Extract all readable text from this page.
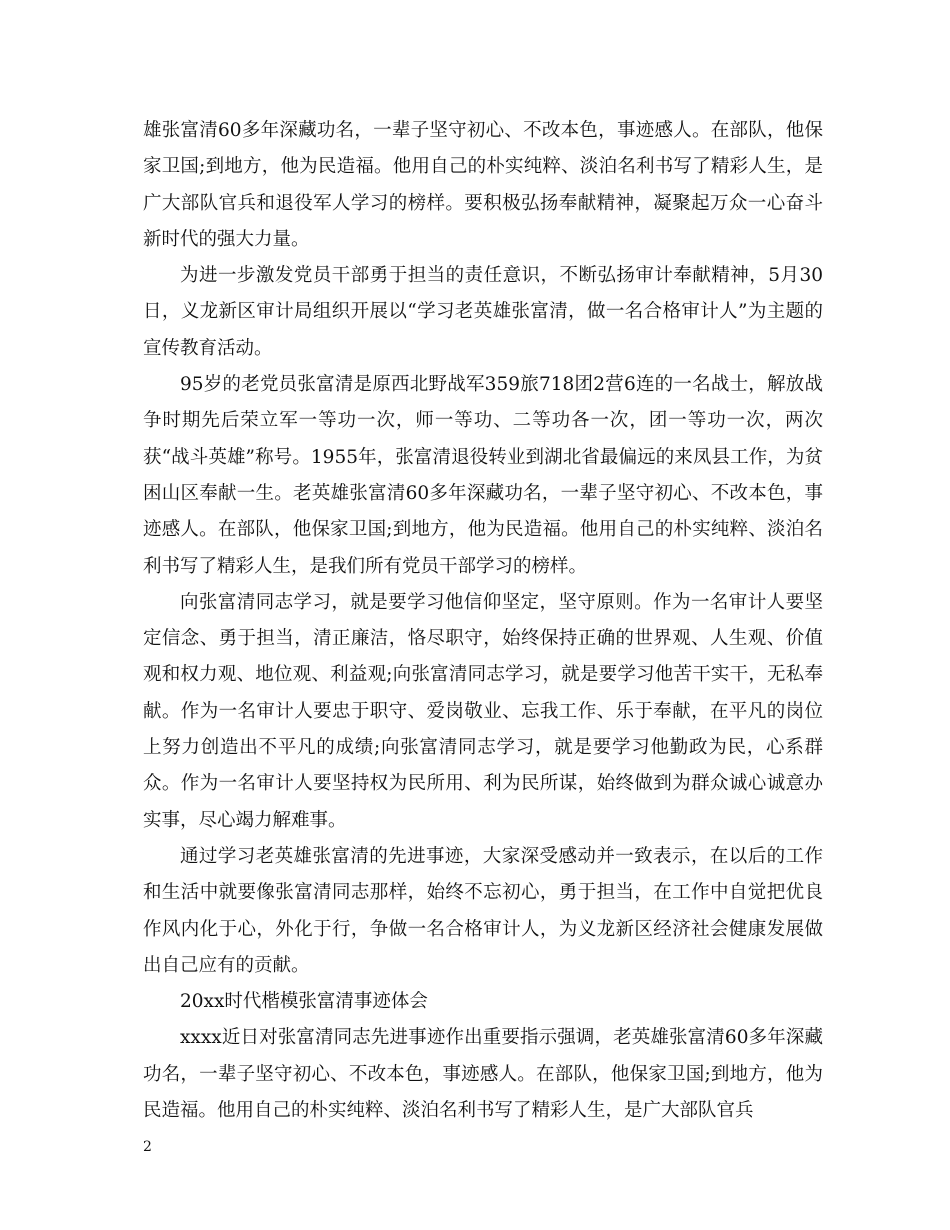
雄张富清60多年深藏功名，一辈子坚守初心、不改本色，事迹感人。在部队，他保家卫国;到地方，他为民造福。他用自己的朴实纯粹、淡泊名利书写了精彩人生，是广大部队官兵和退役军人学习的榜样。要积极弘扬奉献精神，凝聚起万众一心奋斗新时代的强大力量。

为进一步激发党员干部勇于担当的责任意识，不断弘扬审计奉献精神，5月30日，义龙新区审计局组织开展以“学习老英雄张富清，做一名合格审计人”为主题的宣传教育活动。

95岁的老党员张富清是原西北野战军359旅718团2营6连的一名战士，解放战争时期先后荣立军一等功一次，师一等功、二等功各一次，团一等功一次，两次获“战斗英雄”称号。1955年，张富清退役转业到湖北省最偏远的来凤县工作，为贫困山区奉献一生。老英雄张富清60多年深藏功名，一辈子坚守初心、不改本色，事迹感人。在部队，他保家卫国;到地方，他为民造福。他用自己的朴实纯粹、淡泊名利书写了精彩人生，是我们所有党员干部学习的榜样。

向张富清同志学习，就是要学习他信仰坚定，坚守原则。作为一名审计人要坚定信念、勇于担当，清正廉洁，恪尽职守，始终保持正确的世界观、人生观、价值观和权力观、地位观、利益观;向张富清同志学习，就是要学习他苦干实干，无私奉献。作为一名审计人要忠于职守、爱岗敬业、忘我工作、乐于奉献，在平凡的岗位上努力创造出不平凡的成绩;向张富清同志学习，就是要学习他勤政为民，心系群众。作为一名审计人要坚持权为民所用、利为民所谋，始终做到为群众诚心诚意办实事，尽心竭力解难事。

通过学习老英雄张富清的先进事迹，大家深受感动并一致表示，在以后的工作和生活中就要像张富清同志那样，始终不忘初心，勇于担当，在工作中自觉把优良作风内化于心，外化于行，争做一名合格审计人，为义龙新区经济社会健康发展做出自己应有的贡献。

20xx时代楷模张富清事迹体会

xxxx近日对张富清同志先进事迹作出重要指示强调，老英雄张富清60多年深藏功名，一辈子坚守初心、不改本色，事迹感人。在部队，他保家卫国;到地方，他为民造福。他用自己的朴实纯粹、淡泊名利书写了精彩人生，是广大部队官兵

2
